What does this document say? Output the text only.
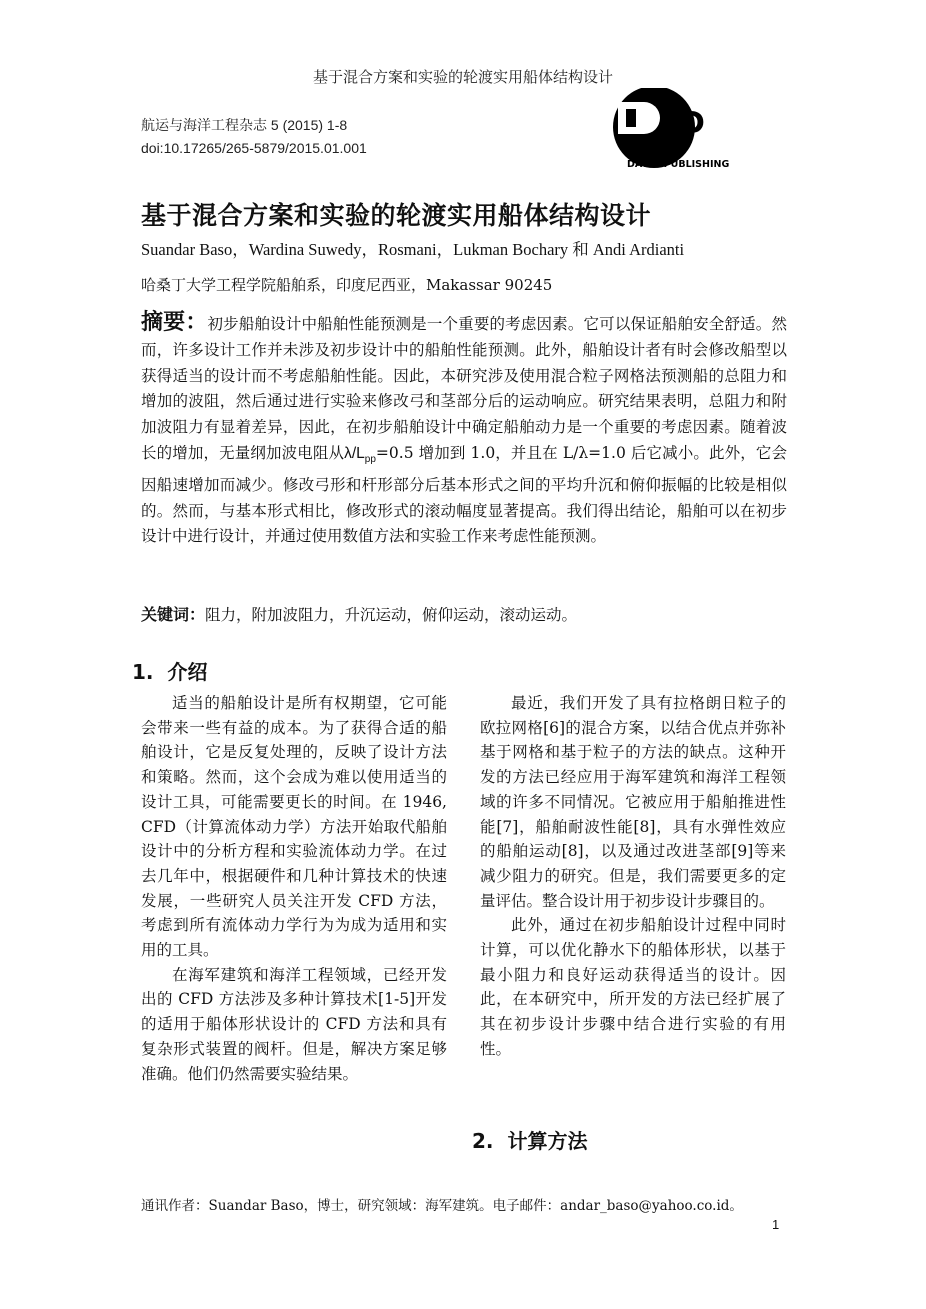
基于混合方案和实验的轮渡实用船体结构设计
航运与海洋工程杂志 5 (2015) 1-8
doi:10.17265/265-5879/2015.01.001
D
DAVID PUBLISHING
基于混合方案和实验的轮渡实用船体结构设计
Suandar Baso，Wardina Suwedy，Rosmani，Lukman Bochary 和 Andi Ardianti
哈桑丁大学工程学院船舶系，印度尼西亚，Makassar 90245
摘要：初步船舶设计中船舶性能预测是一个重要的考虑因素。它可以保证船舶安全舒适。然而，许多设计工作并未涉及初步设计中的船舶性能预测。此外，船舶设计者有时会修改船型以获得适当的设计而不考虑船舶性能。因此，本研究涉及使用混合粒子网格法预测船的总阻力和增加的波阻，然后通过进行实验来修改弓和茎部分后的运动响应。研究结果表明，总阻力和附加波阻力有显着差异，因此，在初步船舶设计中确定船舶动力是一个重要的考虑因素。随着波长的增加，无量纲加波电阻从$\lambda/L_{pp}=0.5$ 增加到 1.0，并且在 L/λ=1.0 后它减小。此外，它会因船速增加而减少。修改弓形和杆形部分后基本形式之间的平均升沉和俯仰振幅的比较是相似的。然而，与基本形式相比，修改形式的滚动幅度显著提高。我们得出结论，船舶可以在初步设计中进行设计，并通过使用数值方法和实验工作来考虑性能预测。
关键词：阻力，附加波阻力，升沉运动，俯仰运动，滚动运动。
1. 介绍

适当的船舶设计是所有权期望，它可能会带来一些有益的成本。为了获得合适的船舶设计，它是反复处理的，反映了设计方法和策略。然而，这个会成为难以使用适当的设计工具，可能需要更长的时间。在 1946, CFD（计算流体动力学）方法开始取代船舶设计中的分析方程和实验流体动力学。在过去几年中，根据硬件和几种计算技术的快速发展，一些研究人员关注开发 CFD 方法，考虑到所有流体动力学行为为成为适用和实用的工具。

在海军建筑和海洋工程领域，已经开发出的 CFD 方法涉及多种计算技术[1-5]开发的适用于船体形状设计的 CFD 方法和具有复杂形式装置的阀杆。但是，解决方案足够准确。他们仍然需要实验结果。

最近，我们开发了具有拉格朗日粒子的欧拉网格[6]的混合方案，以结合优点并弥补基于网格和基于粒子的方法的缺点。这种开发的方法已经应用于海军建筑和海洋工程领域的许多不同情况。它被应用于船舶推进性能[7]，船舶耐波性能[8]，具有水弹性效应的船舶运动[8]，以及通过改进茎部[9]等来减少阻力的研究。但是，我们需要更多的定量评估。整合设计用于初步设计步骤目的。

此外，通过在初步船舶设计过程中同时计算，可以优化静水下的船体形状，以基于最小阻力和良好运动获得适当的设计。因此，在本研究中，所开发的方法已经扩展了其在初步设计步骤中结合进行实验的有用性。

2. 计算方法
通讯作者：Suandar Baso，博士，研究领域：海军建筑。电子邮件：andar_baso@yahoo.co.id。
1
